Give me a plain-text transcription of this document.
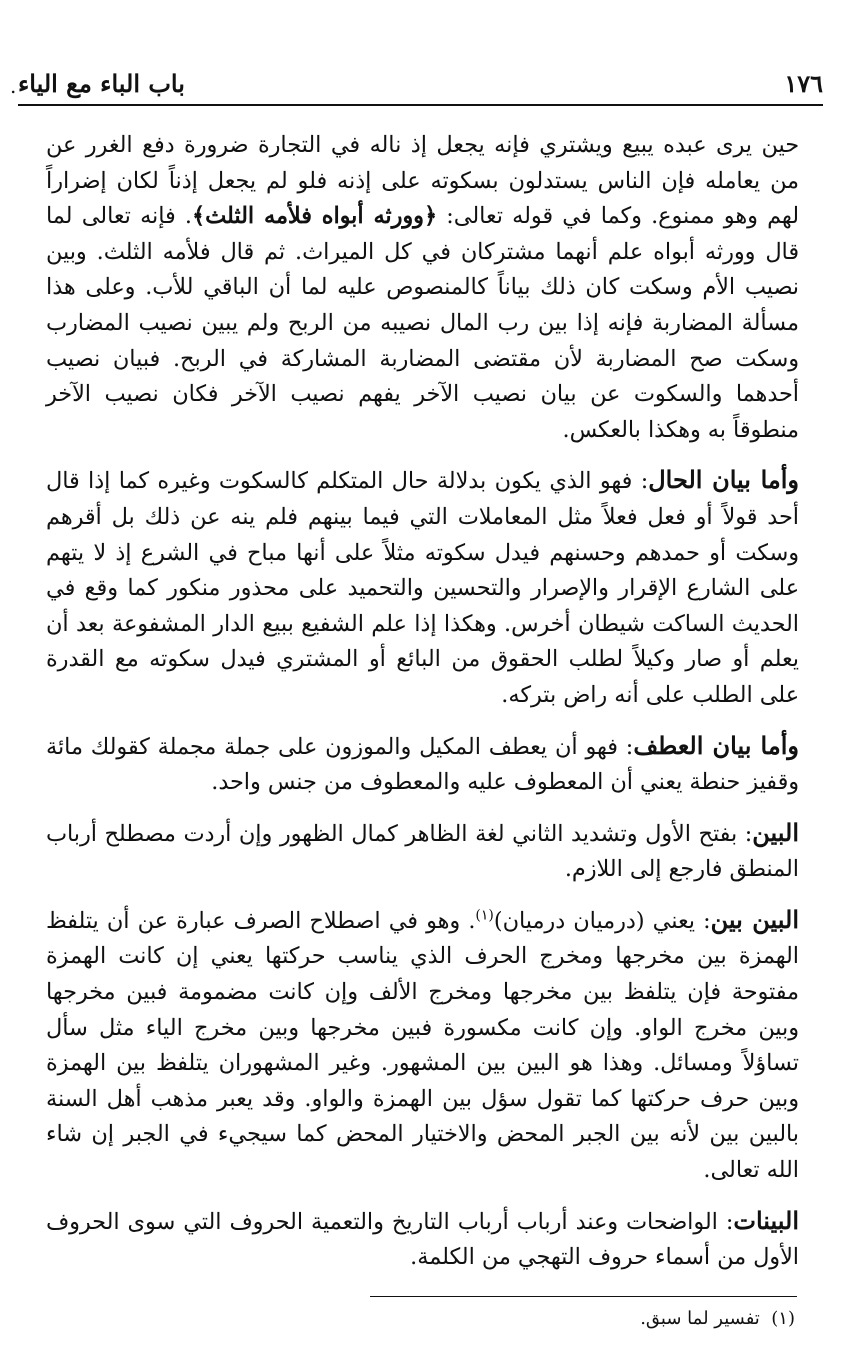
١٧٦
باب الباء مع الياء
.

حين يرى عبده يبيع ويشتري فإنه يجعل إذ ناله في التجارة ضرورة دفع الغرر عن من يعامله فإن الناس يستدلون بسكوته على إذنه فلو لم يجعل إذناً لكان إضراراً لهم وهو ممنوع. وكما في قوله تعالى: ﴿وورثه أبواه فلأمه الثلث﴾. فإنه تعالى لما قال وورثه أبواه علم أنهما مشتركان في كل الميراث. ثم قال فلأمه الثلث. وبين نصيب الأم وسكت كان ذلك بياناً كالمنصوص عليه لما أن الباقي للأب. وعلى هذا مسألة المضاربة فإنه إذا بين رب المال نصيبه من الربح ولم يبين نصيب المضارب وسكت صح المضاربة لأن مقتضى المضاربة المشاركة في الربح. فبيان نصيب أحدهما والسكوت عن بيان نصيب الآخر يفهم نصيب الآخر فكان نصيب الآخر منطوقاً به وهكذا بالعكس.

وأما بيان الحال: فهو الذي يكون بدلالة حال المتكلم كالسكوت وغيره كما إذا قال أحد قولاً أو فعل فعلاً مثل المعاملات التي فيما بينهم فلم ينه عن ذلك بل أقرهم وسكت أو حمدهم وحسنهم فيدل سكوته مثلاً على أنها مباح في الشرع إذ لا يتهم على الشارع الإقرار والإصرار والتحسين والتحميد على محذور منكور كما وقع في الحديث الساكت شيطان أخرس. وهكذا إذا علم الشفيع ببيع الدار المشفوعة بعد أن يعلم أو صار وكيلاً لطلب الحقوق من البائع أو المشتري فيدل سكوته مع القدرة على الطلب على أنه راض بتركه.

وأما بيان العطف: فهو أن يعطف المكيل والموزون على جملة مجملة كقولك مائة وقفيز حنطة يعني أن المعطوف عليه والمعطوف من جنس واحد.

البين: بفتح الأول وتشديد الثاني لغة الظاهر كمال الظهور وإن أردت مصطلح أرباب المنطق فارجع إلى اللازم.

البين بين: يعني (درميان درميان)$^{(١)}$. وهو في اصطلاح الصرف عبارة عن أن يتلفظ الهمزة بين مخرجها ومخرج الحرف الذي يناسب حركتها يعني إن كانت الهمزة مفتوحة فإن يتلفظ بين مخرجها ومخرج الألف وإن كانت مضمومة فبين مخرجها وبين مخرج الواو. وإن كانت مكسورة فبين مخرجها وبين مخرج الياء مثل سأل تساؤلاً ومسائل. وهذا هو البين بين المشهور. وغير المشهوران يتلفظ بين الهمزة وبين حرف حركتها كما تقول سؤل بين الهمزة والواو. وقد يعبر مذهب أهل السنة بالبين بين لأنه بين الجبر المحض والاختيار المحض كما سيجيء في الجبر إن شاء الله تعالى.

البينات: الواضحات وعند أرباب أرباب التاريخ والتعمية الحروف التي سوى الحروف الأول من أسماء حروف التهجي من الكلمة.

(١)  تفسير لما سبق.
